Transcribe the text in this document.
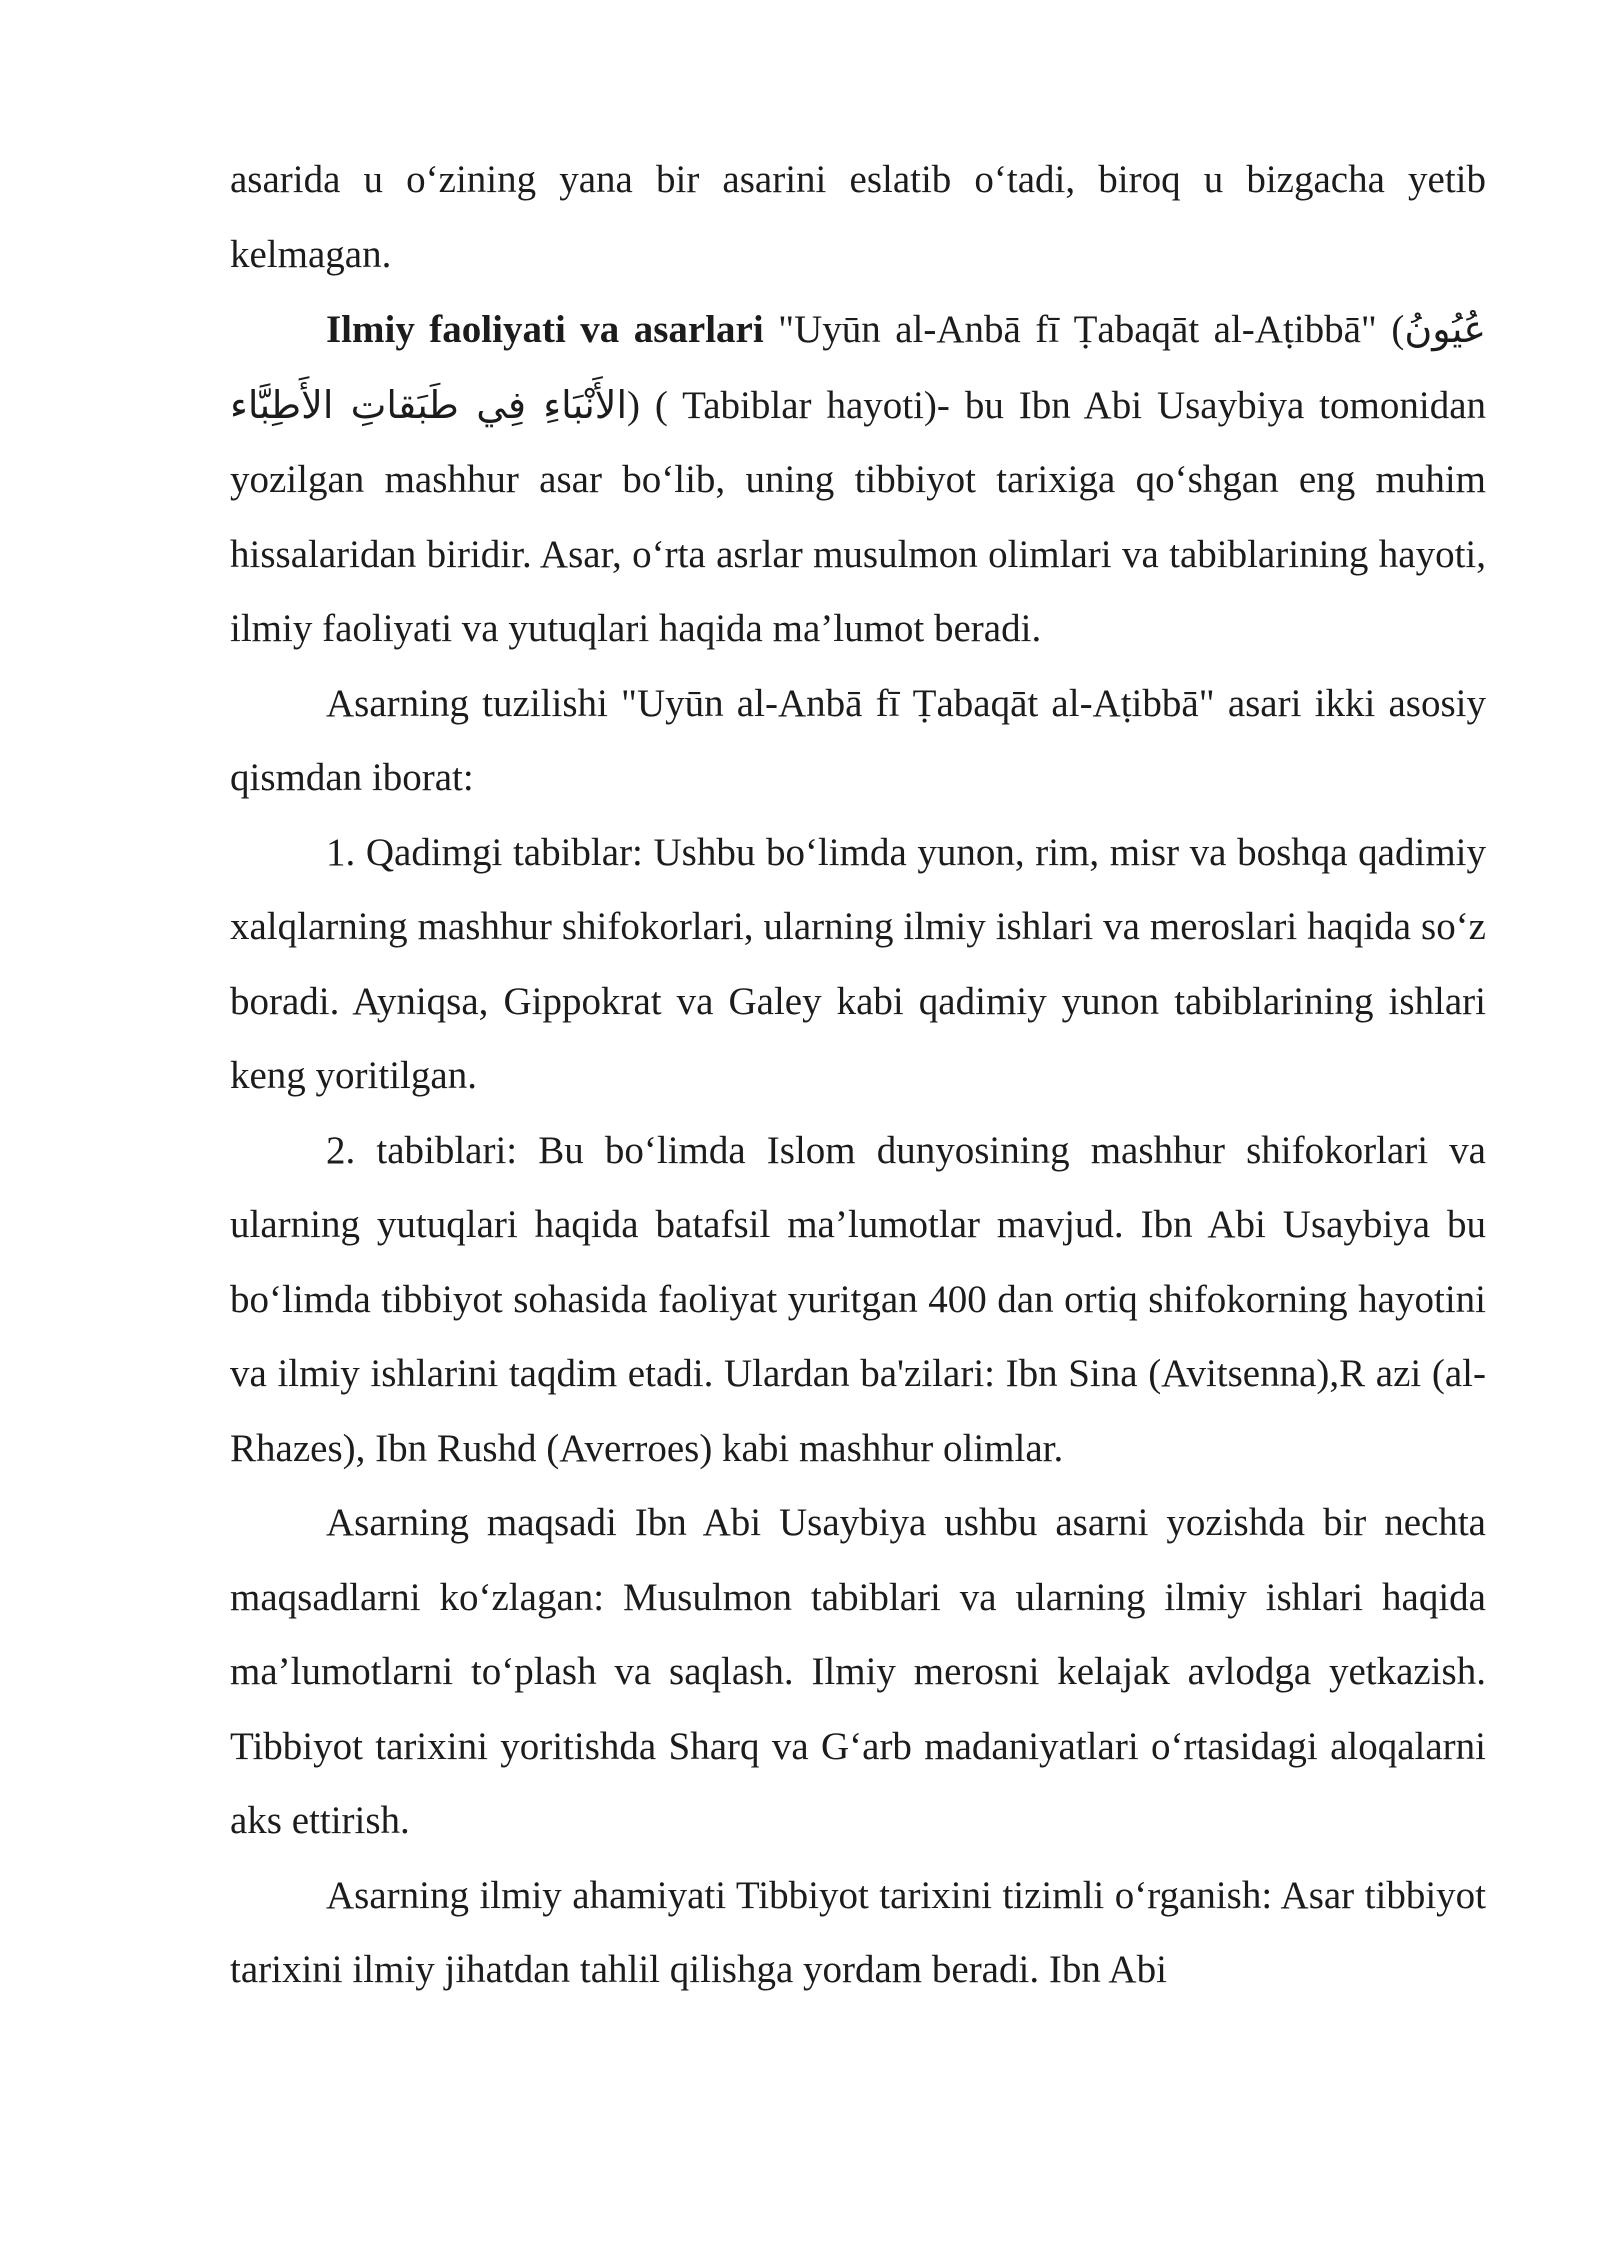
asarida u o‘zining yana bir asarini eslatib o‘tadi, biroq u bizgacha yetib kelmagan.

Ilmiy faoliyati va asarlari "Uyūn al-Anbā fī Ṭabaqāt al-Aṭibbā" (عُيُونُ الأَنْبَاءِ فِي طَبَقاتِ الأَطِبَّاء) ( Tabiblar hayoti)- bu Ibn Abi Usaybiya tomonidan yozilgan mashhur asar bo‘lib, uning tibbiyot tarixiga qo‘shgan eng muhim hissalaridan biridir. Asar, o‘rta asrlar musulmon olimlari va tabiblarining hayoti, ilmiy faoliyati va yutuqlari haqida ma’lumot beradi.

Asarning tuzilishi "Uyūn al-Anbā fī Ṭabaqāt al-Aṭibbā" asari ikki asosiy qismdan iborat:

1. Qadimgi tabiblar: Ushbu bo‘limda yunon, rim, misr va boshqa qadimiy xalqlarning mashhur shifokorlari, ularning ilmiy ishlari va meroslari haqida so‘z boradi. Ayniqsa, Gippokrat va Galey kabi qadimiy yunon tabiblarining ishlari keng yoritilgan.

2. tabiblari: Bu bo‘limda Islom dunyosining mashhur shifokorlari va ularning yutuqlari haqida batafsil ma’lumotlar mavjud. Ibn Abi Usaybiya bu bo‘limda tibbiyot sohasida faoliyat yuritgan 400 dan ortiq shifokorning hayotini va ilmiy ishlarini taqdim etadi. Ulardan ba'zilari: Ibn Sina (Avitsenna),R azi (al-Rhazes), Ibn Rushd (Averroes) kabi mashhur olimlar.

Asarning maqsadi Ibn Abi Usaybiya ushbu asarni yozishda bir nechta maqsadlarni ko‘zlagan: Musulmon tabiblari va ularning ilmiy ishlari haqida ma’lumotlarni to‘plash va saqlash. Ilmiy merosni kelajak avlodga yetkazish. Tibbiyot tarixini yoritishda Sharq va G‘arb madaniyatlari o‘rtasidagi aloqalarni aks ettirish.

Asarning ilmiy ahamiyati Tibbiyot tarixini tizimli o‘rganish: Asar tibbiyot tarixini ilmiy jihatdan tahlil qilishga yordam beradi. Ibn Abi
